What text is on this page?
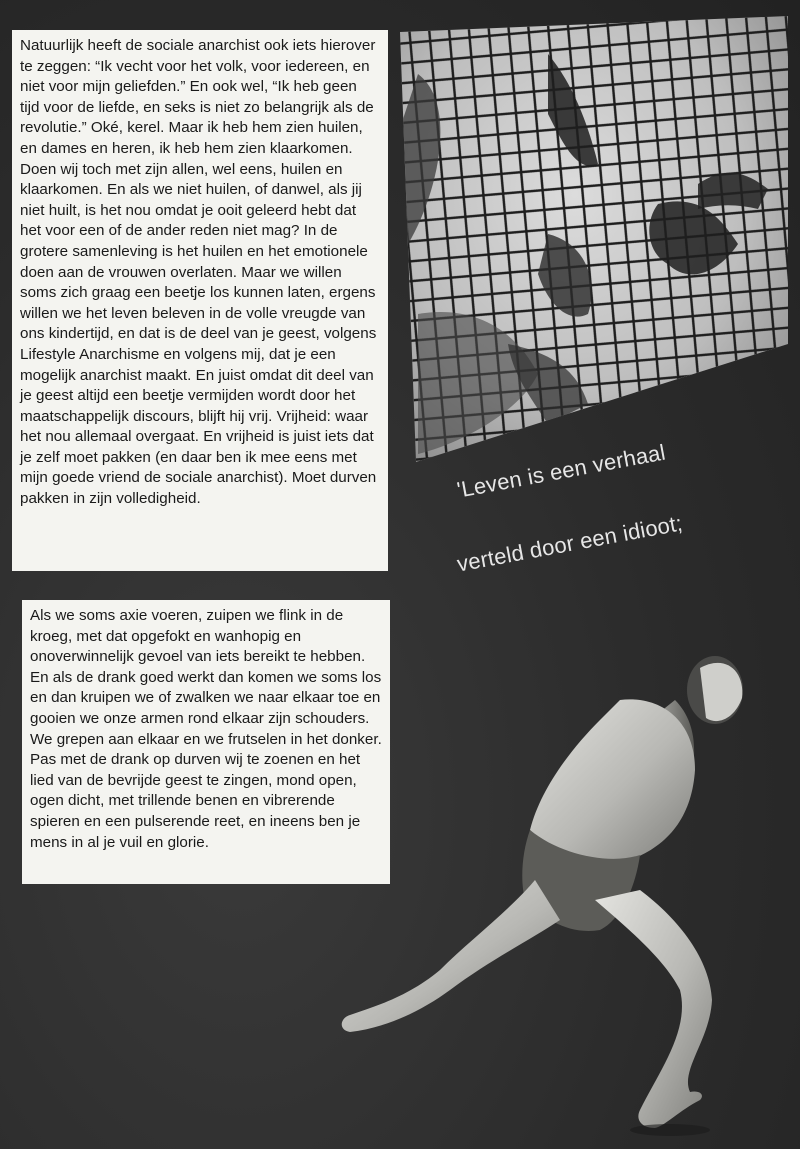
Natuurlijk heeft de sociale anarchist ook iets hierover te zeggen: “Ik vecht voor het volk, voor iedereen, en niet voor mijn geliefden.” En ook wel, “Ik heb geen tijd voor de liefde, en seks is niet zo belangrijk als de revolutie.” Oké, kerel. Maar ik heb hem zien huilen, en dames en heren, ik heb hem zien klaarkomen. Doen wij toch met zijn allen, wel eens, huilen en klaarkomen. En als we niet huilen, of danwel, als jij niet huilt, is het nou omdat je ooit geleerd hebt dat het voor een of de ander reden niet mag? In de grotere samenleving is het huilen en het emotionele doen aan de vrouwen overlaten. Maar we willen soms zich graag een beetje los kunnen laten, ergens willen we het leven beleven in de volle vreugde van ons kindertijd, en dat is de deel van je geest, volgens Lifestyle Anarchisme en volgens mij, dat je een mogelijk anarchist maakt. En juist omdat dit deel van je geest altijd een beetje vermijden wordt door het maatschappelijk discours, blijft hij vrij. Vrijheid: waar het nou allemaal overgaat. En vrijheid is juist iets dat je zelf moet pakken (en daar ben ik mee eens met mijn goede vriend de sociale anarchist). Moet durven pakken in zijn volledigheid.	'Leven is een verhaal
verteld door een idioot;

Als we soms axie voeren, zuipen we flink in de kroeg, met dat opgefokt en wanhopig en onoverwinnelijk gevoel van iets bereikt te hebben. En als de drank goed werkt dan komen we soms los en dan kruipen we of zwalken we naar elkaar toe en gooien we onze armen rond elkaar zijn schouders. We grepen aan elkaar en we frutselen in het donker. Pas met de drank op durven wij te zoenen en het lied van de bevrijde geest te zingen, mond open, ogen dicht, met trillende benen en vibrerende spieren en een pulserende reet, en ineens ben je mens in al je vuil en glorie.
